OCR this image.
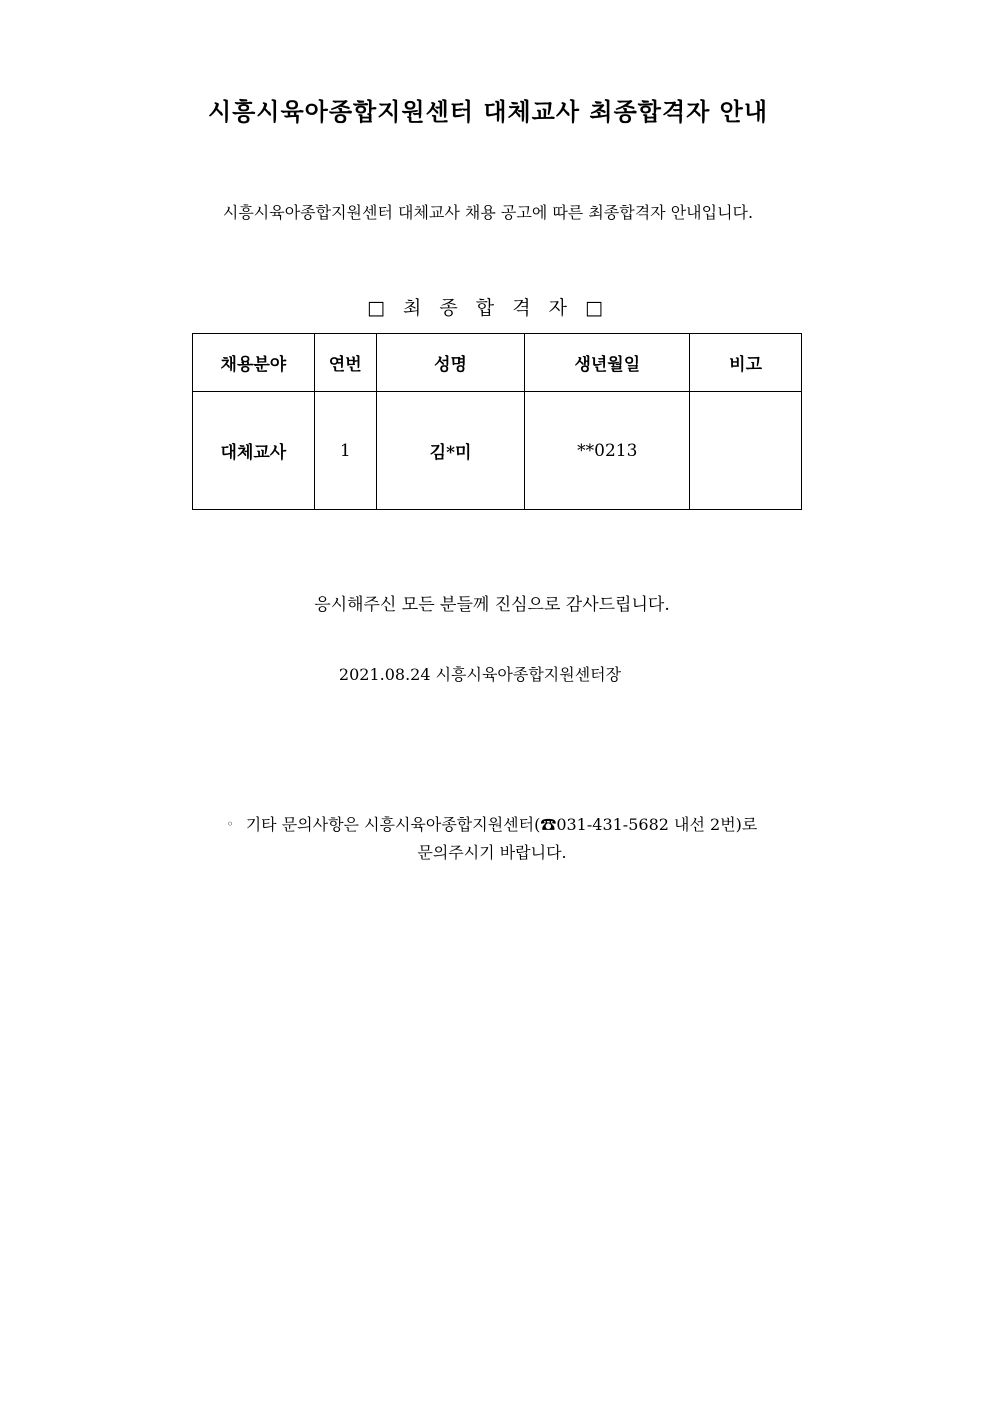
시흥시육아종합지원센터 대체교사 최종합격자 안내
시흥시육아종합지원센터 대체교사 채용 공고에 따른 최종합격자 안내입니다.
□ 최 종 합 격 자 □
채용분야	연번	성명	생년월일	비고
대체교사	1	김*미	**0213	
응시해주신 모든 분들께 진심으로 감사드립니다.
2021.08.24 시흥시육아종합지원센터장
◦ 기타 문의사항은 시흥시육아종합지원센터(☎031-431-5682 내선 2번)로
문의주시기 바랍니다.
